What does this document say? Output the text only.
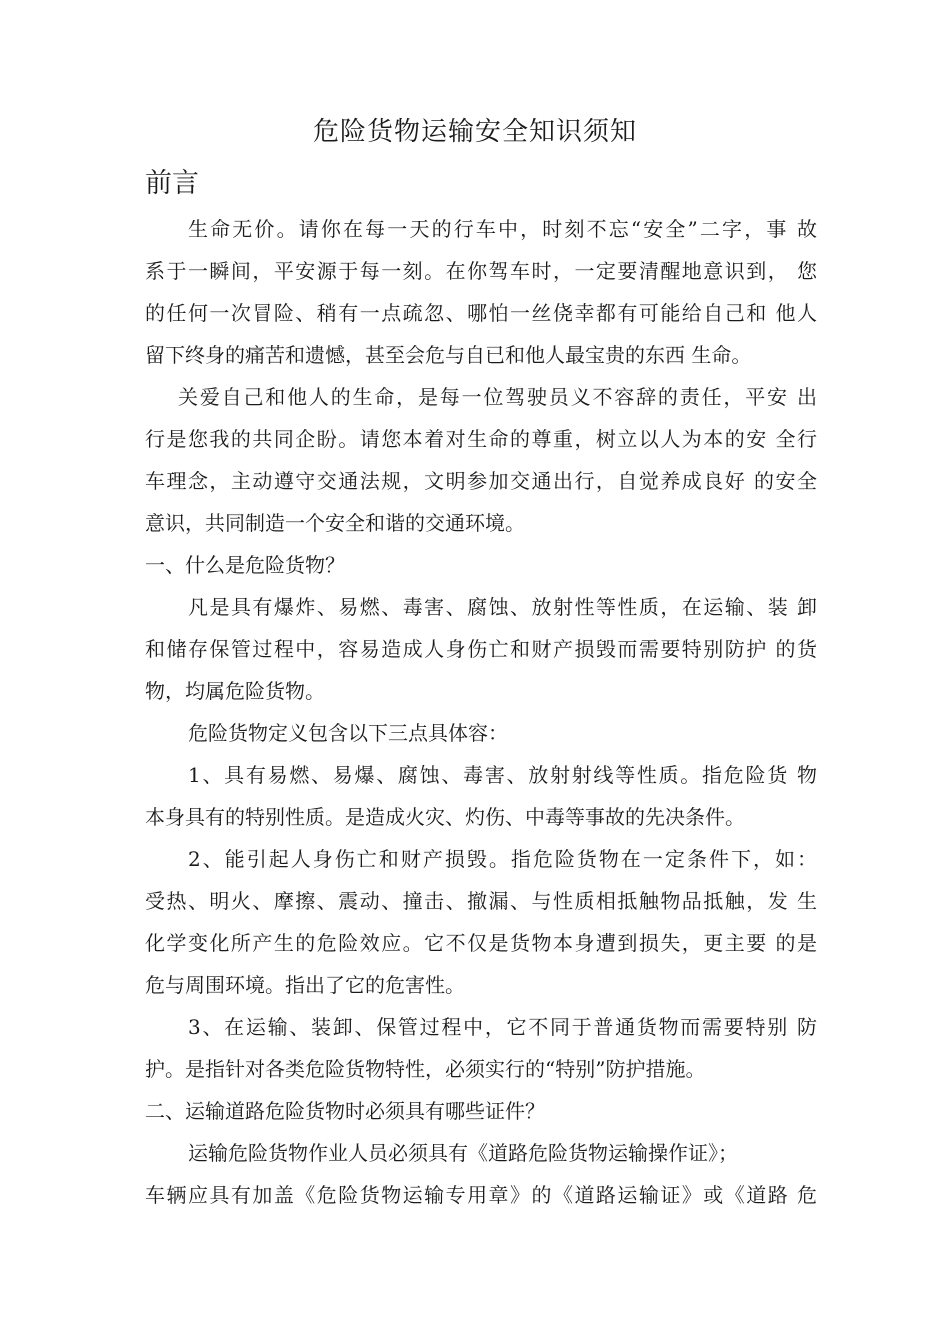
危险货物运输安全知识须知
前言
生命无价。请你在每一天的行车中，时刻不忘“安全”二字，事 故
系于一瞬间，平安源于每一刻。在你驾车时，一定要清醒地意识到， 您
的任何一次冒险、稍有一点疏忽、哪怕一丝侥幸都有可能给自己和 他人
留下终身的痛苦和遗憾，甚至会危与自已和他人最宝贵的东西 生命。
关爱自己和他人的生命，是每一位驾驶员义不容辞的责任，平安 出
行是您我的共同企盼。请您本着对生命的尊重，树立以人为本的安 全行
车理念，主动遵守交通法规，文明参加交通出行，自觉养成良好 的安全
意识，共同制造一个安全和谐的交通环境。
一、什么是危险货物？
凡是具有爆炸、易燃、毒害、腐蚀、放射性等性质，在运输、装 卸
和储存保管过程中，容易造成人身伤亡和财产损毁而需要特别防护 的货
物，均属危险货物。
危险货物定义包含以下三点具体容：
1、具有易燃、易爆、腐蚀、毒害、放射射线等性质。指危险货 物
本身具有的特别性质。是造成火灾、灼伤、中毒等事故的先决条件。
2、能引起人身伤亡和财产损毁。指危险货物在一定条件下，如：
受热、明火、摩擦、震动、撞击、撤漏、与性质相抵触物品抵触，发 生
化学变化所产生的危险效应。它不仅是货物本身遭到损失，更主要 的是
危与周围环境。指出了它的危害性。
3、在运输、装卸、保管过程中，它不同于普通货物而需要特别 防
护。是指针对各类危险货物特性，必须实行的“特别”防护措施。
二、运输道路危险货物时必须具有哪些证件？
运输危险货物作业人员必须具有《道路危险货物运输操作证》；
车辆应具有加盖《危险货物运输专用章》的《道路运输证》或《道路 危
